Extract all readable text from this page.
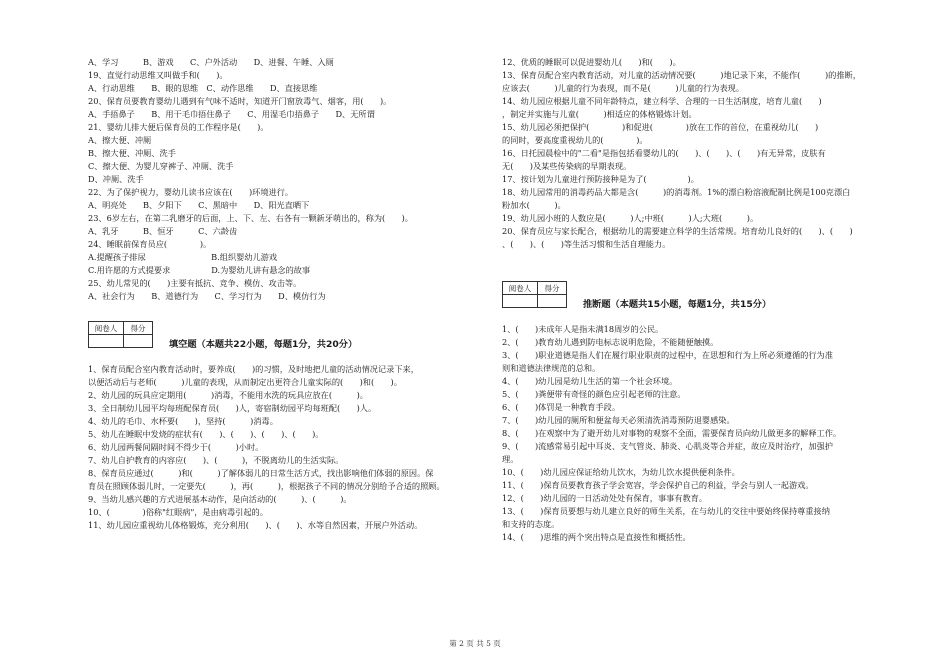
A、学习　　　B、游戏　　C、户外活动　　D、进餐、午睡、入厕
19、直觉行动思维又叫做手和(　　)。
A、行动思维　　B、眼的思维　C、动作思维　　D、直接思维
20、保育员要教育婴幼儿遇到有气味不适时，知道开门窗放毒气、烟客，用(　　)。
A、手捂鼻子　　B、用干毛巾捂住鼻子　　C、用湿毛巾捂鼻子　　D、无所谓
21、婴幼儿排大便后保育员的工作程序是(　　)。
A、擦大便、冲厕
B、擦大便、冲厕、洗手
C、擦大便、为婴儿穿裤子、冲厕、洗手
D、冲厕、洗手
22、为了保护视力，婴幼儿读书应该在(　　)环境进行。
A、明亮处　　B、夕阳下　　C、黑暗中　　D、阳光直晒下
23、6岁左右，在第二乳磨牙的后面，上、下、左、右各有一颗新牙萌出的，称为(　　)。
A、乳牙　　　B、恒牙　　　C、六龄齿
24、睡眠前保育员应(　　　　)。
A.提醒孩子排尿　　　　　　　　B.组织婴幼儿游戏
C.用许愿的方式提要求　　　　　D.为婴幼儿讲有悬念的故事
25、幼儿常见的(　　)主要有抵抗、竞争、模仿、攻击等。
A、社会行为　　B、道德行为　　C、学习行为　　D、模仿行为
阅卷人	得分

填空题（本题共22小题，每题1分，共20分）
1、保育员配合室内教育活动时，要养成(　　)的习惯，及时地把儿童的活动情况记录下来，
以便活动后与老师(　　　)儿童的表现，从而制定出更符合儿童实际的(　　)和(　　)。
2、幼儿园的玩具应定期用(　　　)消毒，不能用水洗的玩具应放在(　　　)。
3、全日制幼儿园平均每班配保育员(　　)人，寄宿制幼园平均每班配(　　)人。
4、幼儿的毛巾、水杯要(　　)，坚持(　　　)消毒。
5、幼儿在睡眠中发烧的症状有(　　)、(　　)、(　　)、(　　)。
6、幼儿园两餐间隔时间不得少于(　　　)小时。
7、幼儿自护教育的内容应(　　)、(　　　)，不脱离幼儿的生活实际。
8、保育员应通过(　　　)和(　　　)了解体弱儿的日常生活方式，找出影响他们体弱的原因。保
育员在照顾体弱儿时，一定要先(　　　)，再(　　　)，根据孩子不同的情况分别给予合适的照顾。
9、当幼儿感兴趣的方式进展基本动作，是向活动的(　　　)、(　　　)。
10、(　　　　)俗称"红眼病"，是由病毒引起的。
11、幼儿园应重视幼儿体格锻炼，充分利用(　　)、(　　)、水等自然因素，开展户外活动。
12、优质的睡眠可以促进婴幼儿(　　)和(　　)。
13、保育员配合室内教育活动，对儿童的活动情况要(　　　)地记录下来，不能作(　　　)的推断，
应该去(　　　)儿童的行为表现，而不是(　　　)儿童的行为表现。
14、幼儿园应根据儿童不同年龄特点，建立科学、合理的一日生活制度，培育儿童(　　)
，制定并实施与儿童(　　　)相适应的体格锻炼计划。
15、幼儿园必须把保护(　　　　)和促进(　　　　)放在工作的首位，在重视幼儿(　　)
的同时，要高度重视幼儿的(　　　　)。
16、日托园晨检中的"二看"是指包括看婴幼儿的(　　)、(　　)、(　　)有无异常，皮肤有
无(　　)及某些传染病的早期表现。
17、按计划为儿童进行预防接种是为了(　　　　　)。
18、幼儿园常用的消毒药品大都是含(　　　)的消毒剂。1%的漂白粉溶液配制比例是100克漂白
粉加水(　　　)。
19、幼儿园小班的人数应是(　　　)人;中班(　　　)人;大班(　　　)。
20、保育员应与家长配合，根据幼儿的需要建立科学的生活常规。培育幼儿良好的(　　)、(　　)
、(　　)、(　　)等生活习惯和生活自理能力。
阅卷人	得分

推断题（本题共15小题，每题1分，共15分）
1、(　　)未成年人是指未满18周岁的公民。
2、(　　)教育幼儿遇到防电标志说明危险，不能随便触摸。
3、(　　)职业道德是指人们在履行职业职责的过程中，在思想和行为上所必须遵循的行为准
则和道德法律规范的总和。
4、(　　)幼儿园是幼儿生活的第一个社会环境。
5、(　　)粪便带有奇怪的颜色应引起老师的注意。
6、(　　)体罚是一种教育手段。
7、(　　)幼儿园的厕所和便盆每天必须清洗消毒预防退婴感染。
8、(　　)在观察中为了避开幼儿对事物的观察不全面，需要保育员向幼儿做更多的解释工作。
9、(　　)流感常易引起中耳炎、支气管炎、肺炎、心肌炎等合并症，故应及时治疗，加强护
理。
10、(　　)幼儿园应保证给幼儿饮水，为幼儿饮水提供便利条件。
11、(　　)保育员要教育孩子学会宽容，学会保护自己的利益，学会与别人一起游戏。
12、(　　)幼儿园的一日活动处处有保育，事事有教育。
13、(　　)保育员要想与幼儿建立良好的师生关系，在与幼儿的交往中要始终保持尊重接纳
和支持的态度。
14、(　　)思维的两个突出特点是直接性和概括性。
第 2 页 共 5 页
